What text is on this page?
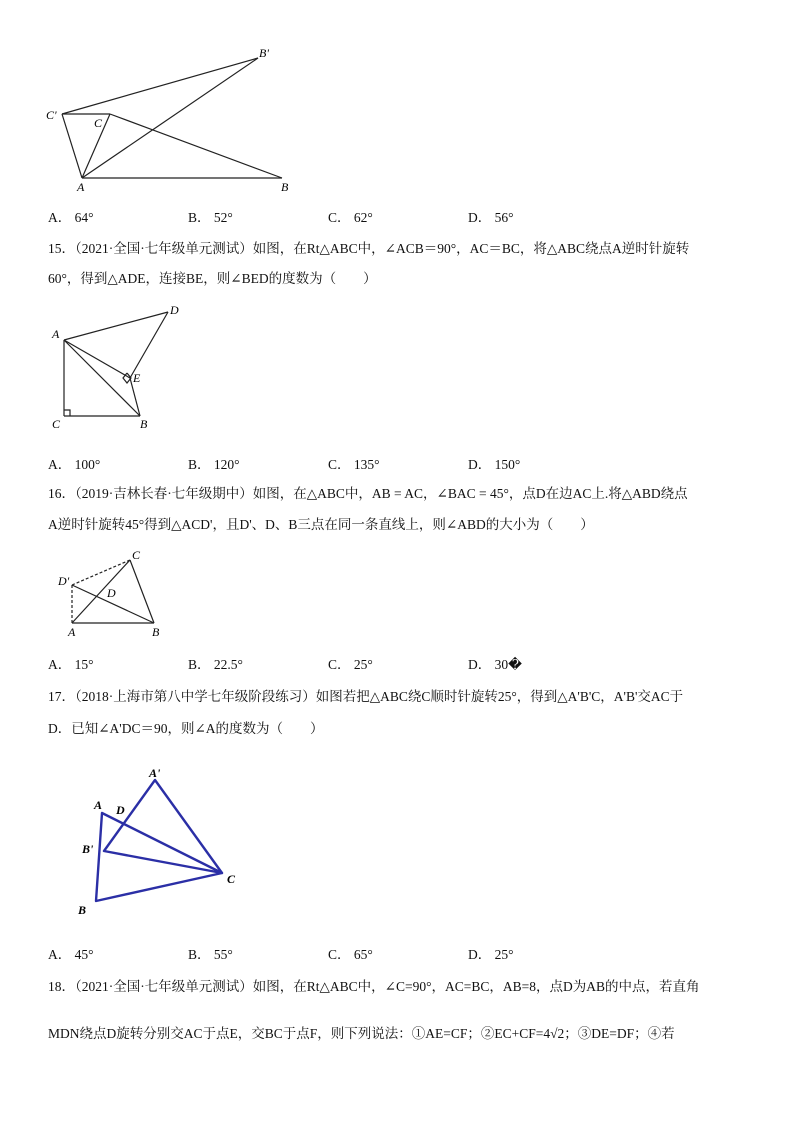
B'
C'
C
A	B
A． 64°	B． 52°	C． 62°	D． 56°
15．（2021·全国·七年级单元测试）如图，在Rt△ABC中，∠ACB＝90°，AC＝BC，将△ABC绕点A逆时针旋转
60°，得到△ADE，连接BE，则∠BED的度数为（　　）
A
D
E
C	B
A． 100°	B． 120°	C． 135°	D． 150°
16．（2019·吉林长春·七年级期中）如图，在△ABC中，AB = AC，∠BAC = 45°，点D在边AC上.将△ABD绕点
A逆时针旋转45°得到△ACD'，且D'、D、B三点在同一条直线上，则∠ABD的大小为（　　）
C
D'
D
A	B
A． 15°	B． 22.5°	C． 25°	D． 30�
17．（2018·上海市第八中学七年级阶段练习）如图若把△ABC绕C顺时针旋转25°，得到△A'B'C，A'B'交AC于
D．已知∠A'DC＝90，则∠A的度数为（　　）
A'
A D
B'
C
B
A． 45°	B． 55°	C． 65°	D． 25°
18．（2021·全国·七年级单元测试）如图，在Rt△ABC中，∠C=90°，AC=BC，AB=8，点D为AB的中点，若直角
MDN绕点D旋转分别交AC于点E，交BC于点F，则下列说法：①AE=CF；②EC+CF=4√2；③DE=DF；④若
